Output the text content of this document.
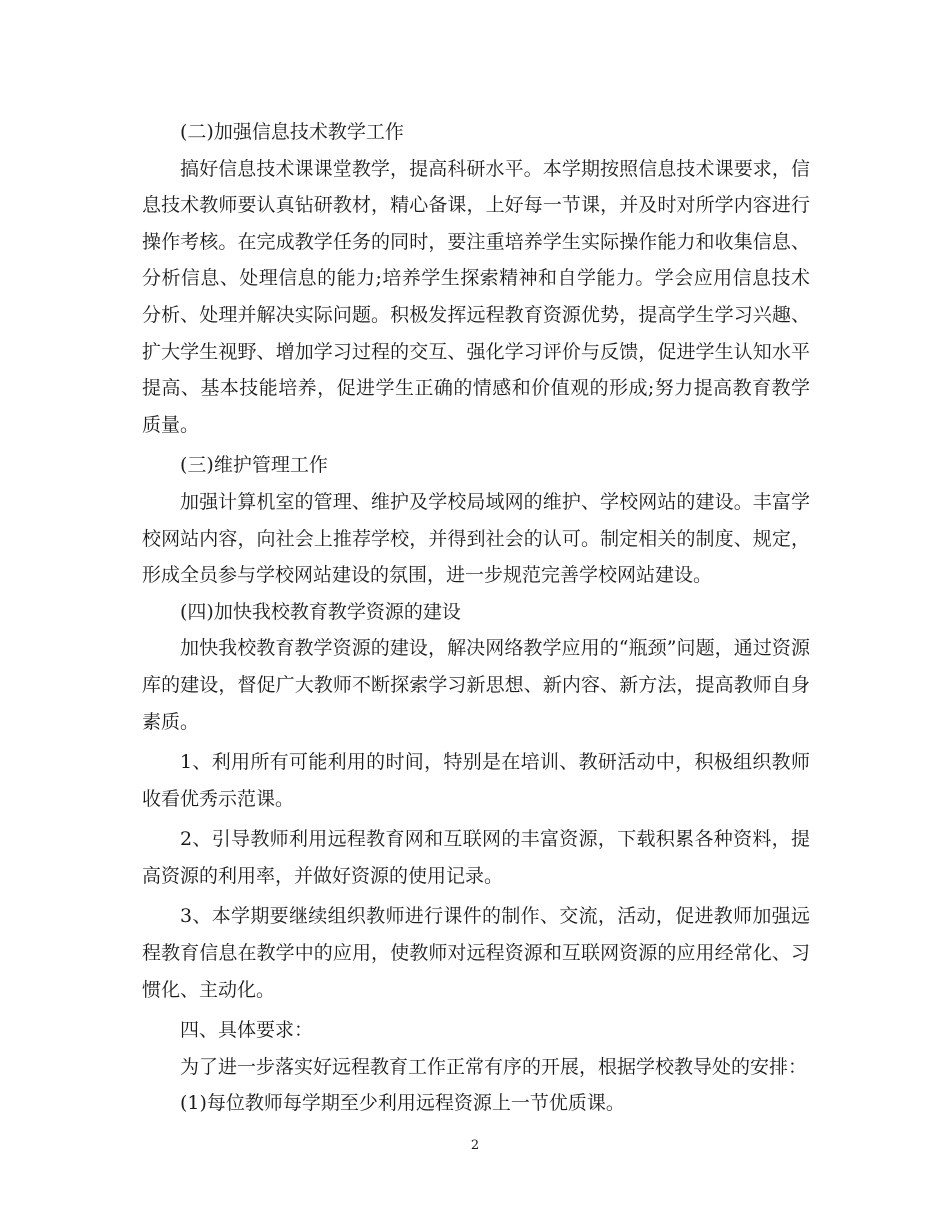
(二)加强信息技术教学工作

搞好信息技术课课堂教学，提高科研水平。本学期按照信息技术课要求，信息技术教师要认真钻研教材，精心备课，上好每一节课，并及时对所学内容进行操作考核。在完成教学任务的同时，要注重培养学生实际操作能力和收集信息、分析信息、处理信息的能力;培养学生探索精神和自学能力。学会应用信息技术分析、处理并解决实际问题。积极发挥远程教育资源优势，提高学生学习兴趣、扩大学生视野、增加学习过程的交互、强化学习评价与反馈，促进学生认知水平提高、基本技能培养，促进学生正确的情感和价值观的形成;努力提高教育教学质量。

(三)维护管理工作

加强计算机室的管理、维护及学校局域网的维护、学校网站的建设。丰富学校网站内容，向社会上推荐学校，并得到社会的认可。制定相关的制度、规定，形成全员参与学校网站建设的氛围，进一步规范完善学校网站建设。

(四)加快我校教育教学资源的建设

加快我校教育教学资源的建设，解决网络教学应用的“瓶颈”问题，通过资源库的建设，督促广大教师不断探索学习新思想、新内容、新方法，提高教师自身素质。

1、利用所有可能利用的时间，特别是在培训、教研活动中，积极组织教师收看优秀示范课。

2、引导教师利用远程教育网和互联网的丰富资源，下载积累各种资料，提高资源的利用率，并做好资源的使用记录。

3、本学期要继续组织教师进行课件的制作、交流，活动，促进教师加强远程教育信息在教学中的应用，使教师对远程资源和互联网资源的应用经常化、习惯化、主动化。

四、具体要求：

为了进一步落实好远程教育工作正常有序的开展，根据学校教导处的安排：

(1)每位教师每学期至少利用远程资源上一节优质课。

2
